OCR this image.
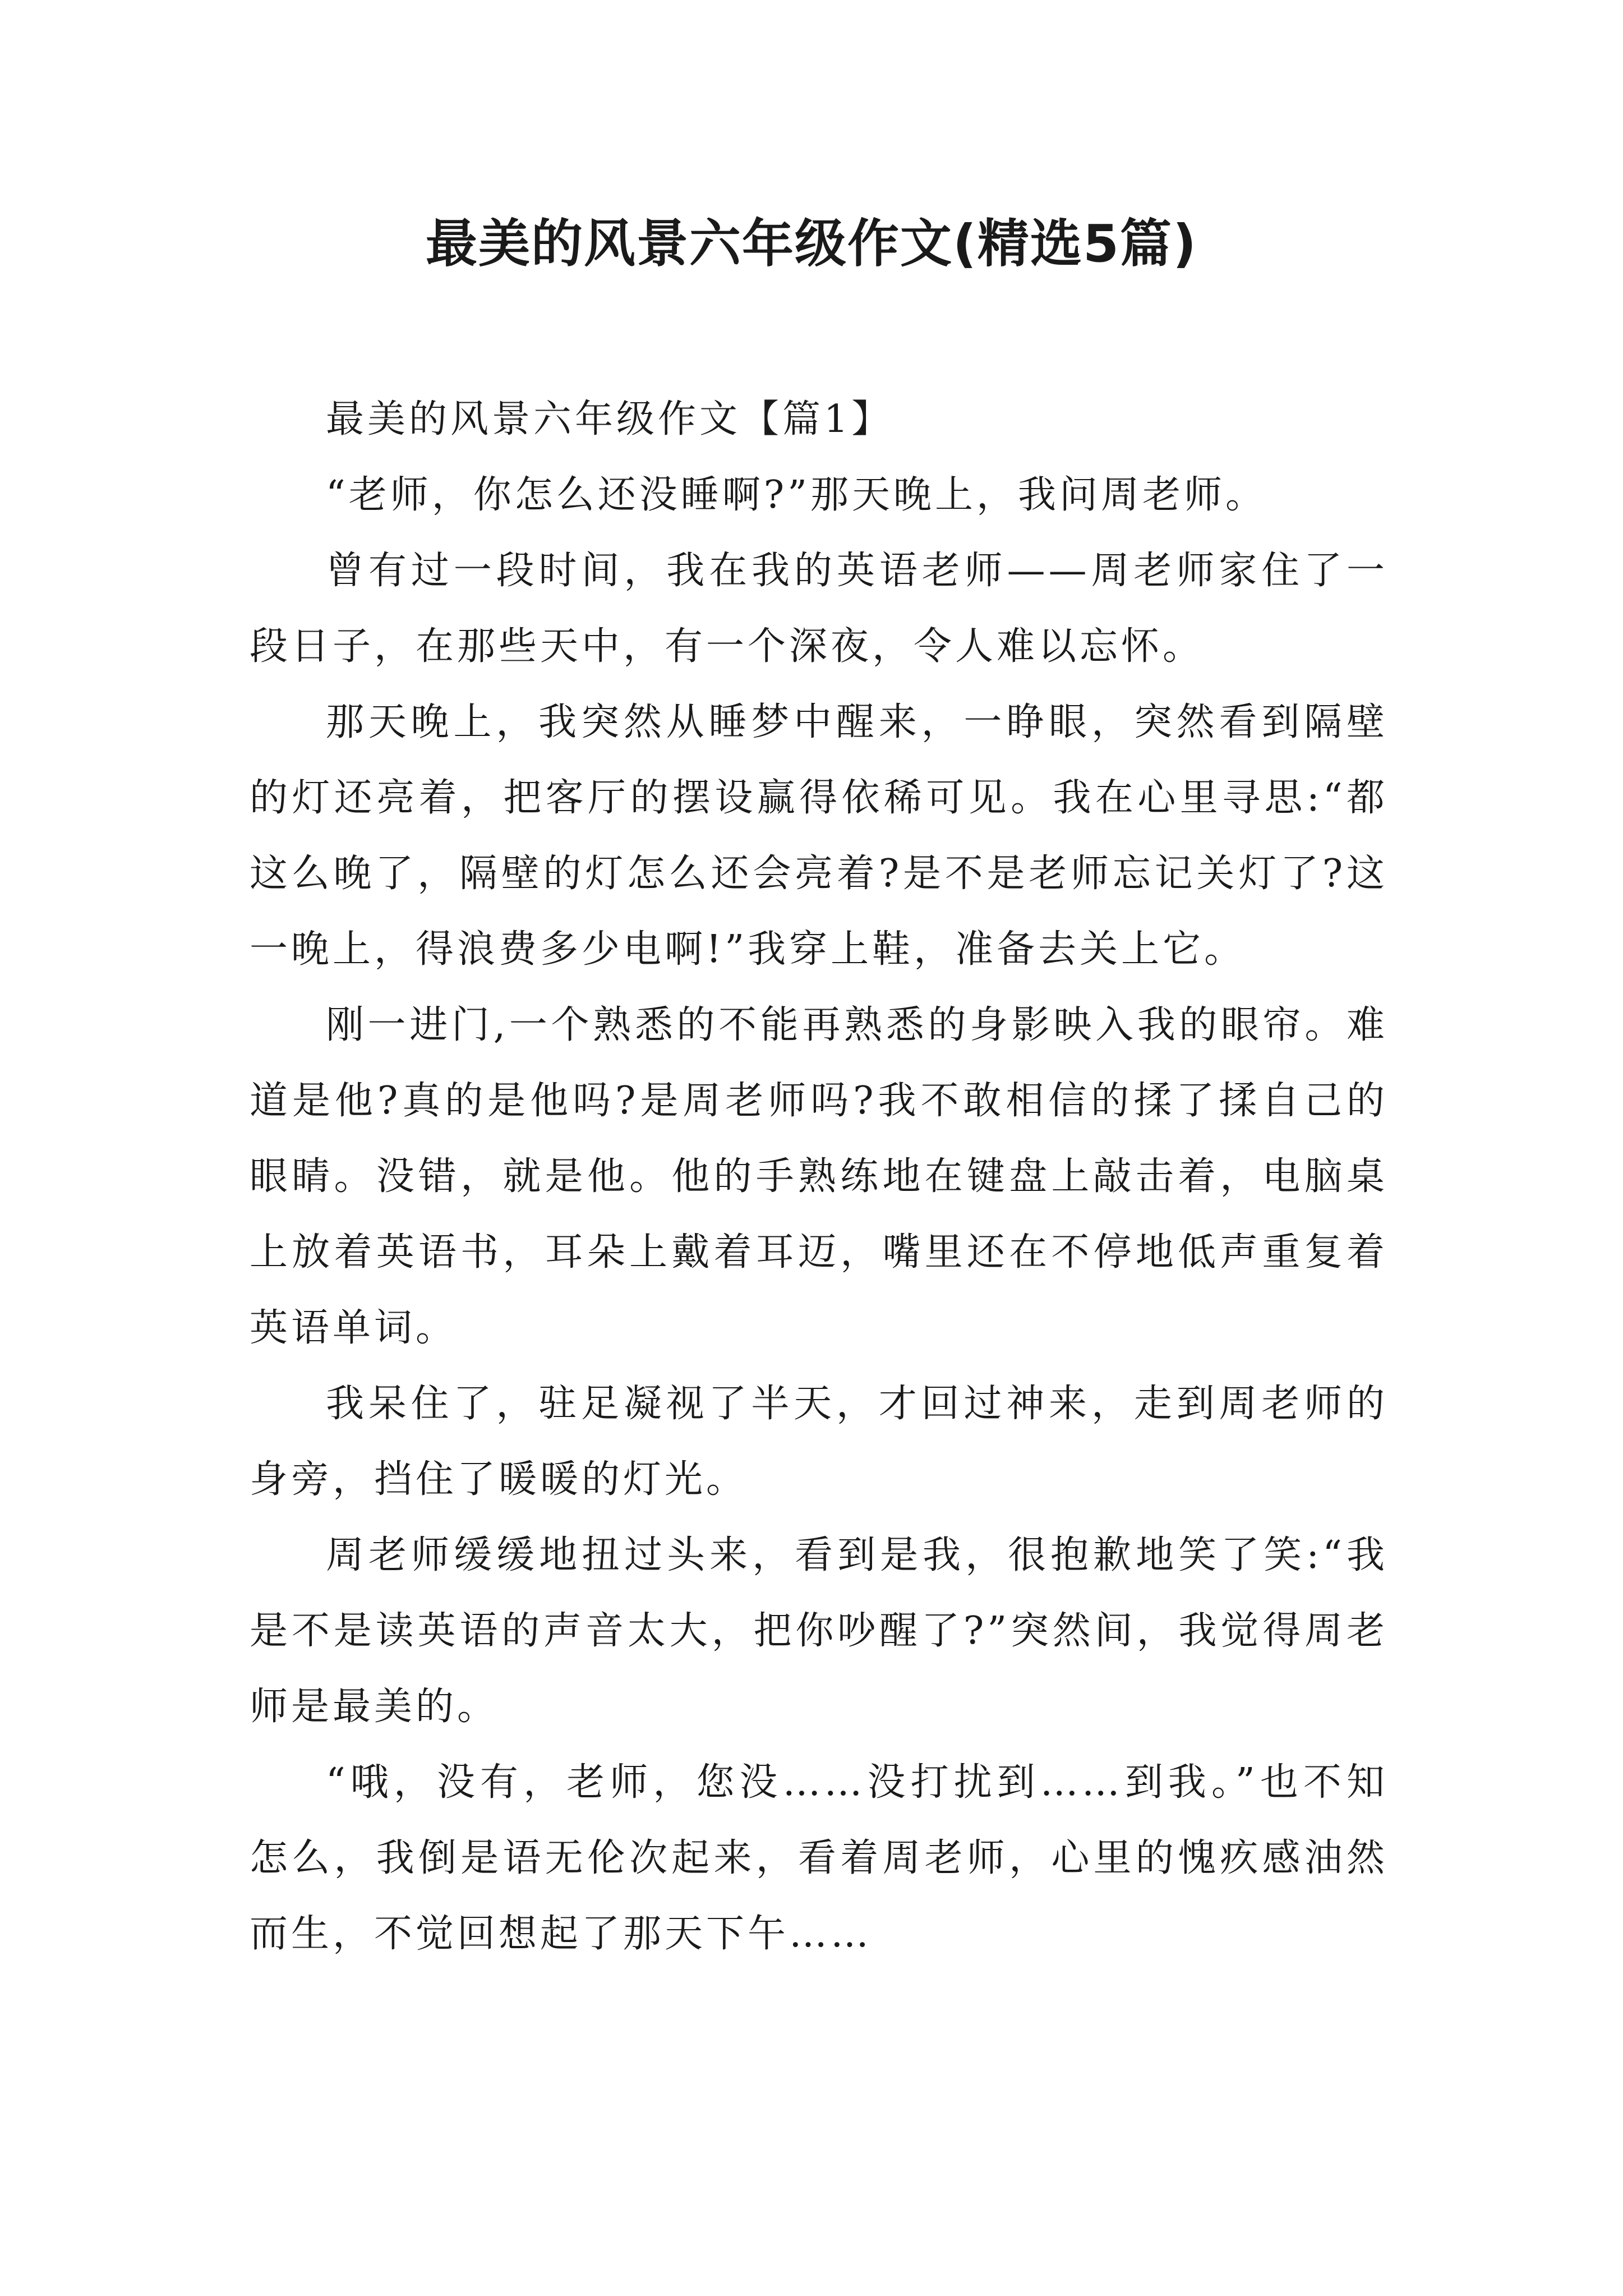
最美的风景六年级作文(精选5篇)

最美的风景六年级作文【篇1】

“老师，你怎么还没睡啊?”那天晚上，我问周老师。

曾有过一段时间，我在我的英语老师——周老师家住了一段日子，在那些天中，有一个深夜，令人难以忘怀。

那天晚上，我突然从睡梦中醒来，一睁眼，突然看到隔壁的灯还亮着，把客厅的摆设赢得依稀可见。我在心里寻思:“都这么晚了，隔壁的灯怎么还会亮着?是不是老师忘记关灯了?这一晚上，得浪费多少电啊!”我穿上鞋，准备去关上它。

刚一进门,一个熟悉的不能再熟悉的身影映入我的眼帘。难道是他?真的是他吗?是周老师吗?我不敢相信的揉了揉自己的眼睛。没错，就是他。他的手熟练地在键盘上敲击着，电脑桌上放着英语书，耳朵上戴着耳迈，嘴里还在不停地低声重复着英语单词。

我呆住了，驻足凝视了半天，才回过神来，走到周老师的身旁，挡住了暖暖的灯光。

周老师缓缓地扭过头来，看到是我，很抱歉地笑了笑:“我是不是读英语的声音太大，把你吵醒了?”突然间，我觉得周老师是最美的。

“哦，没有，老师，您没……没打扰到……到我。”也不知怎么，我倒是语无伦次起来，看着周老师，心里的愧疚感油然而生，不觉回想起了那天下午……
